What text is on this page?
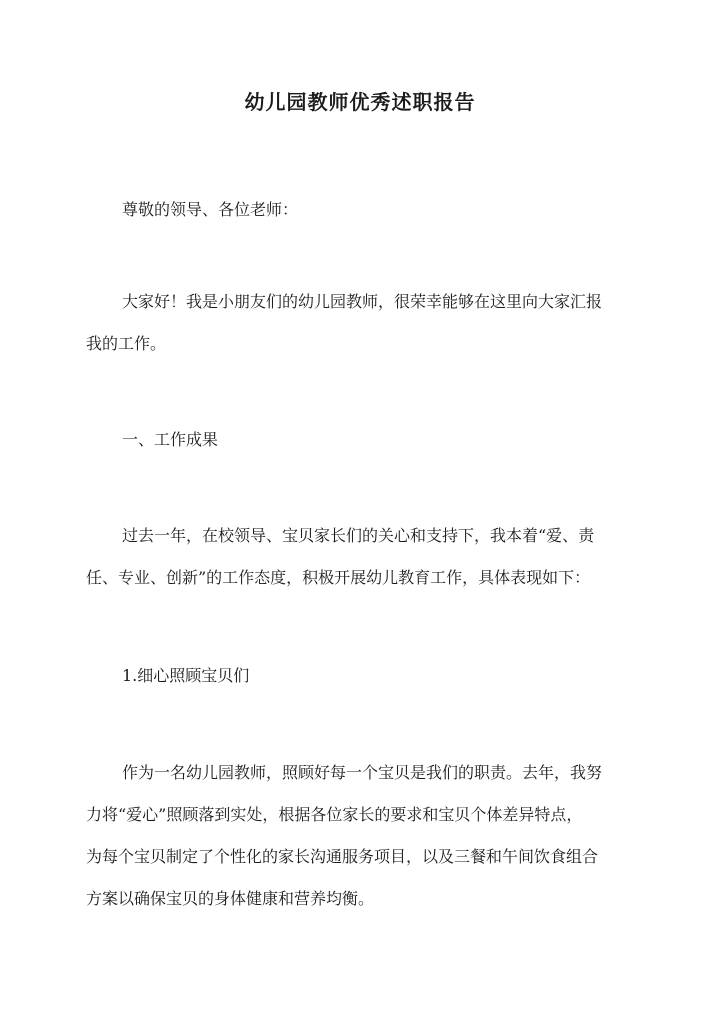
幼儿园教师优秀述职报告
尊敬的领导、各位老师：
大家好！我是小朋友们的幼儿园教师，很荣幸能够在这里向大家汇报
我的工作。
一、工作成果
过去一年，在校领导、宝贝家长们的关心和支持下，我本着“爱、责
任、专业、创新”的工作态度，积极开展幼儿教育工作，具体表现如下：
1.细心照顾宝贝们
作为一名幼儿园教师，照顾好每一个宝贝是我们的职责。去年，我努
力将“爱心”照顾落到实处，根据各位家长的要求和宝贝个体差异特点，
为每个宝贝制定了个性化的家长沟通服务项目，以及三餐和午间饮食组合
方案以确保宝贝的身体健康和营养均衡。
